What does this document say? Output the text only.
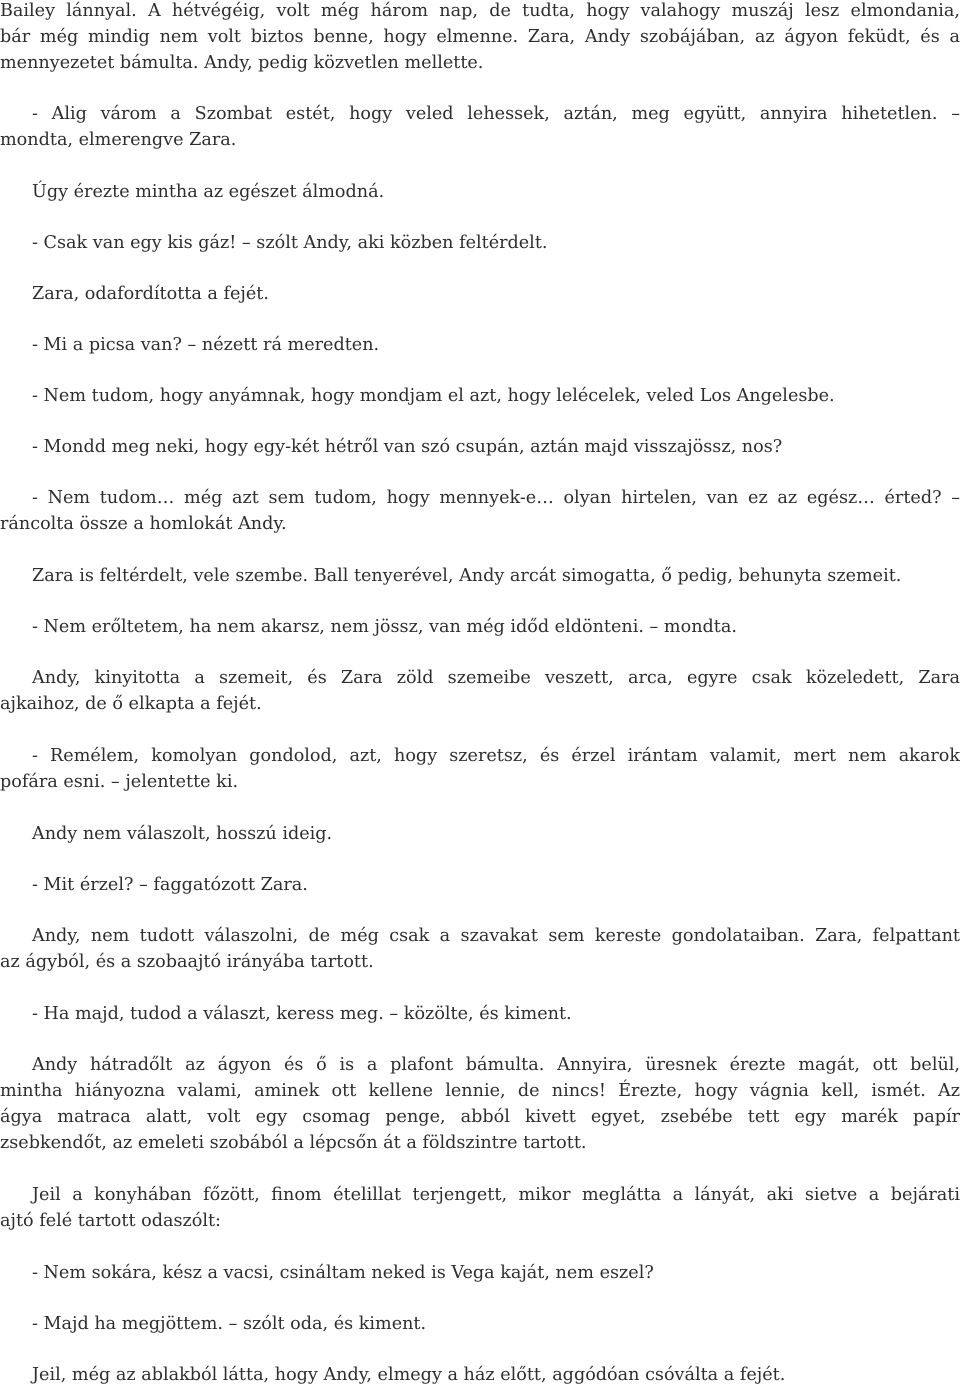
Bailey lánnyal. A hétvégéig, volt még három nap, de tudta, hogy valahogy muszáj lesz elmondania,
bár még mindig nem volt biztos benne, hogy elmenne. Zara, Andy szobájában, az ágyon feküdt, és a
mennyezetet bámulta. Andy, pedig közvetlen mellette.
- Alig várom a Szombat estét, hogy veled lehessek, aztán, meg együtt, annyira hihetetlen. –
mondta, elmerengve Zara.
Úgy érezte mintha az egészet álmodná.
- Csak van egy kis gáz! – szólt Andy, aki közben feltérdelt.
Zara, odafordította a fejét.
- Mi a picsa van? – nézett rá meredten.
- Nem tudom, hogy anyámnak, hogy mondjam el azt, hogy lelécelek, veled Los Angelesbe.
- Mondd meg neki, hogy egy-két hétről van szó csupán, aztán majd visszajössz, nos?
- Nem tudom… még azt sem tudom, hogy mennyek-e… olyan hirtelen, van ez az egész… érted? –
ráncolta össze a homlokát Andy.
Zara is feltérdelt, vele szembe. Ball tenyerével, Andy arcát simogatta, ő pedig, behunyta szemeit.
- Nem erőltetem, ha nem akarsz, nem jössz, van még időd eldönteni. – mondta.
Andy, kinyitotta a szemeit, és Zara zöld szemeibe veszett, arca, egyre csak közeledett, Zara
ajkaihoz, de ő elkapta a fejét.
- Remélem, komolyan gondolod, azt, hogy szeretsz, és érzel irántam valamit, mert nem akarok
pofára esni. – jelentette ki.
Andy nem válaszolt, hosszú ideig.
- Mit érzel? – faggatózott Zara.
Andy, nem tudott válaszolni, de még csak a szavakat sem kereste gondolataiban. Zara, felpattant
az ágyból, és a szobaajtó irányába tartott.
- Ha majd, tudod a választ, keress meg. – közölte, és kiment.
Andy hátradőlt az ágyon és ő is a plafont bámulta. Annyira, üresnek érezte magát, ott belül,
mintha hiányozna valami, aminek ott kellene lennie, de nincs! Érezte, hogy vágnia kell, ismét. Az
ágya matraca alatt, volt egy csomag penge, abból kivett egyet, zsebébe tett egy marék papír
zsebkendőt, az emeleti szobából a lépcsőn át a földszintre tartott.
Jeil a konyhában főzött, finom ételillat terjengett, mikor meglátta a lányát, aki sietve a bejárati
ajtó felé tartott odaszólt:
- Nem sokára, kész a vacsi, csináltam neked is Vega kaját, nem eszel?
- Majd ha megjöttem. – szólt oda, és kiment.
Jeil, még az ablakból látta, hogy Andy, elmegy a ház előtt, aggódóan csóválta a fejét.
